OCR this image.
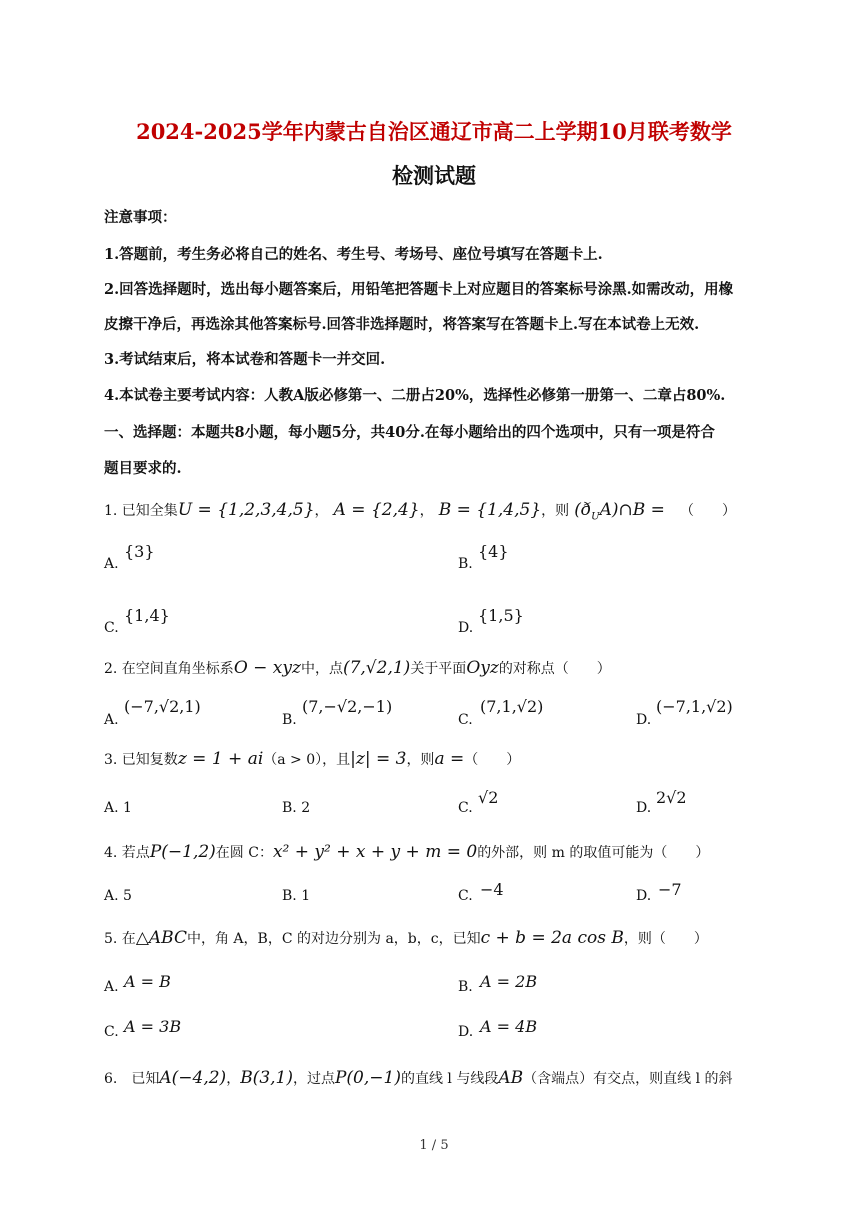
2024-2025学年内蒙古自治区通辽市高二上学期10月联考数学
检测试题
注意事项：
1.答题前，考生务必将自己的姓名、考生号、考场号、座位号填写在答题卡上.
2.回答选择题时，选出每小题答案后，用铅笔把答题卡上对应题目的答案标号涂黑.如需改动，用橡
皮擦干净后，再选涂其他答案标号.回答非选择题时，将答案写在答题卡上.写在本试卷上无效.
3.考试结束后，将本试卷和答题卡一并交回.
4.本试卷主要考试内容：人教A版必修第一、二册占20%，选择性必修第一册第一、二章占80%.
一、选择题：本题共8小题，每小题5分，共40分.在每小题给出的四个选项中，只有一项是符合
题目要求的.
1. 已知全集U = {1,2,3,4,5}， A = {2,4}， B = {1,4,5}，则 $(ð_UA)\cap B$ = （　　）
A.
{3}
B.
{4}
C.
{1,4}
D.
{1,5}
2. 在空间直角坐标系O − xyz中，点(7,√2,1)关于平面Oyz的对称点（　　）
A.
(−7,√2,1)
B.
(7,−√2,−1)
C.
(7,1,√2)
D.
(−7,1,√2)
3. 已知复数z = 1 + ai（a > 0），且|z| = 3，则a =（　　）
A. 1	B. 2	C.
√2
D.
2√2
4. 若点P(−1,2)在圆 C：x² + y² + x + y + m = 0的外部，则 m 的取值可能为（　　）
A. 5	B. 1	C. −4	D. −7
5. 在△ABC中，角 A，B，C 的对边分别为 a，b，c，已知c + b = 2a cos B，则（　　）
A. A = B	B. A = 2B
C. A = 3B	D. A = 4B
6.　已知A(−4,2)，B(3,1)，过点P(0,−1)的直线 l 与线段AB（含端点）有交点，则直线 l 的斜
1 / 5
